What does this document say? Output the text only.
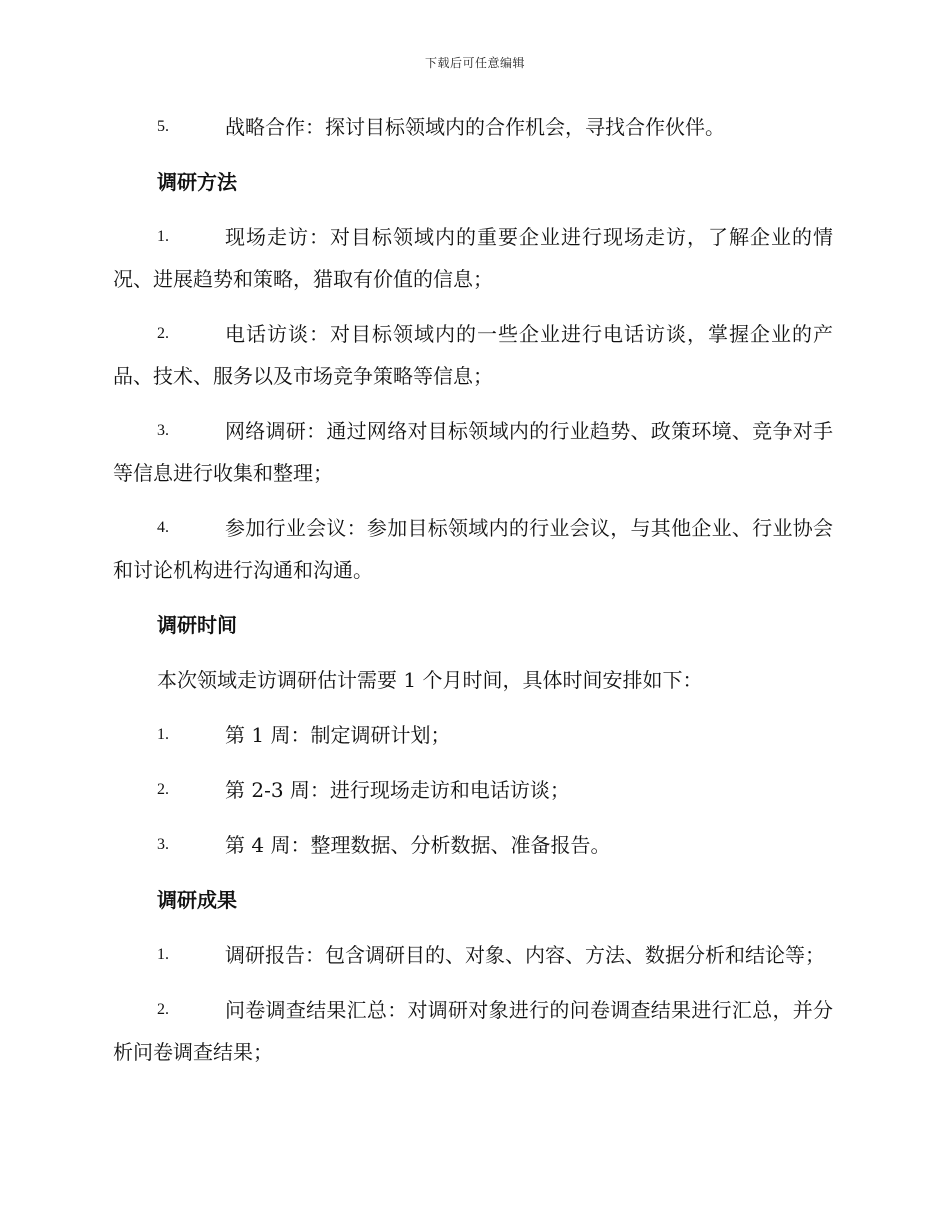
下载后可任意编辑
5.	战略合作：探讨目标领域内的合作机会，寻找合作伙伴。
调研方法
1.	现场走访：对目标领域内的重要企业进行现场走访，了解企业的情况、进展趋势和策略，猎取有价值的信息；
2.	电话访谈：对目标领域内的一些企业进行电话访谈，掌握企业的产品、技术、服务以及市场竞争策略等信息；
3.	网络调研：通过网络对目标领域内的行业趋势、政策环境、竞争对手等信息进行收集和整理；
4.	参加行业会议：参加目标领域内的行业会议，与其他企业、行业协会和讨论机构进行沟通和沟通。
调研时间
本次领域走访调研估计需要 1 个月时间，具体时间安排如下：
1.	第 1 周：制定调研计划；
2.	第 2-3 周：进行现场走访和电话访谈；
3.	第 4 周：整理数据、分析数据、准备报告。
调研成果
1.	调研报告：包含调研目的、对象、内容、方法、数据分析和结论等；
2.	问卷调查结果汇总：对调研对象进行的问卷调查结果进行汇总，并分析问卷调查结果；
